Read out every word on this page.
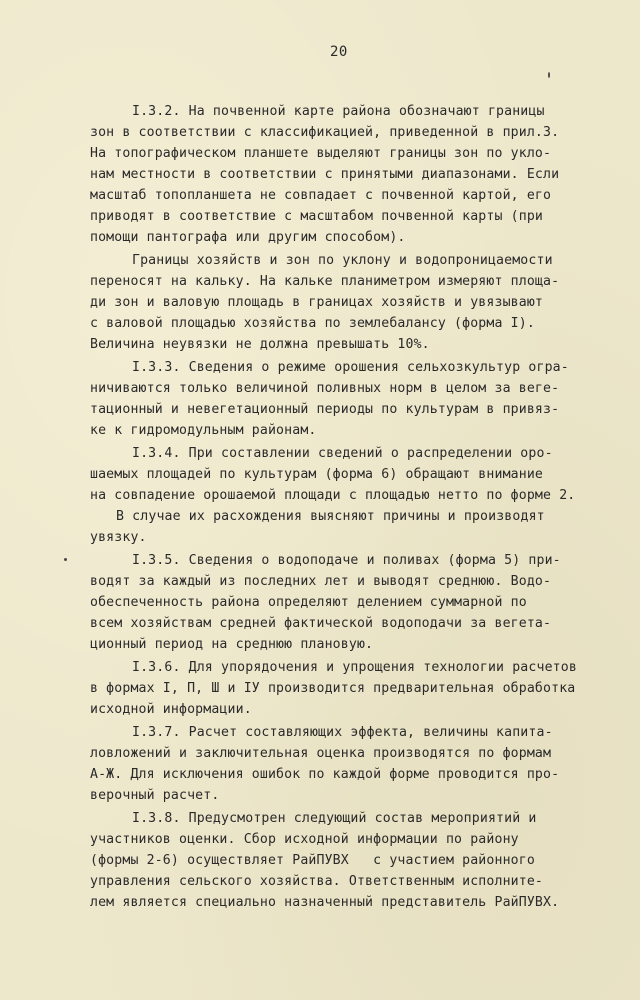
20
I.3.2. На почвенной карте района обозначают границы
зон в соответствии с классификацией, приведенной в прил.3.
На топографическом планшете выделяют границы зон по укло-
нам местности в соответствии с принятыми диапазонами. Если
масштаб топопланшета не совпадает с почвенной картой, его
приводят в соответствие с масштабом почвенной карты (при
помощи пантографа или другим способом).
Границы хозяйств и зон по уклону и водопроницаемости
переносят на кальку. На кальке планиметром измеряют площа-
ди зон и валовую площадь в границах хозяйств и увязывают
с валовой площадью хозяйства по землебалансу (форма I).
Величина неувязки не должна превышать 10%.
I.3.3. Сведения о режиме орошения сельхозкультур огра-
ничиваются только величиной поливных норм в целом за веге-
тационный и невегетационный периоды по культурам в привяз-
ке к гидромодульным районам.
I.3.4. При составлении сведений о распределении оро-
шаемых площадей по культурам (форма 6) обращают внимание
на совпадение орошаемой площади с площадью нетто по форме 2.
В случае их расхождения выясняют причины и производят
увязку.
I.3.5. Сведения о водоподаче и поливах (форма 5) при-
водят за каждый из последних лет и выводят среднюю. Водо-
обеспеченность района определяют делением суммарной по
всем хозяйствам средней фактической водоподачи за вегета-
ционный период на среднюю плановую.
I.3.6. Для упорядочения и упрощения технологии расчетов
в формах I, П, Ш и IУ производится предварительная обработка
исходной информации.
I.3.7. Расчет составляющих эффекта, величины капита-
ловложений и заключительная оценка производятся по формам
А-Ж. Для исключения ошибок по каждой форме проводится про-
верочный расчет.
I.3.8. Предусмотрен следующий состав мероприятий и
участников оценки. Сбор исходной информации по району
(формы 2-6) осуществляет РайПУВХ   с участием районного
управления сельского хозяйства. Ответственным исполните-
лем является специально назначенный представитель РайПУВХ.
